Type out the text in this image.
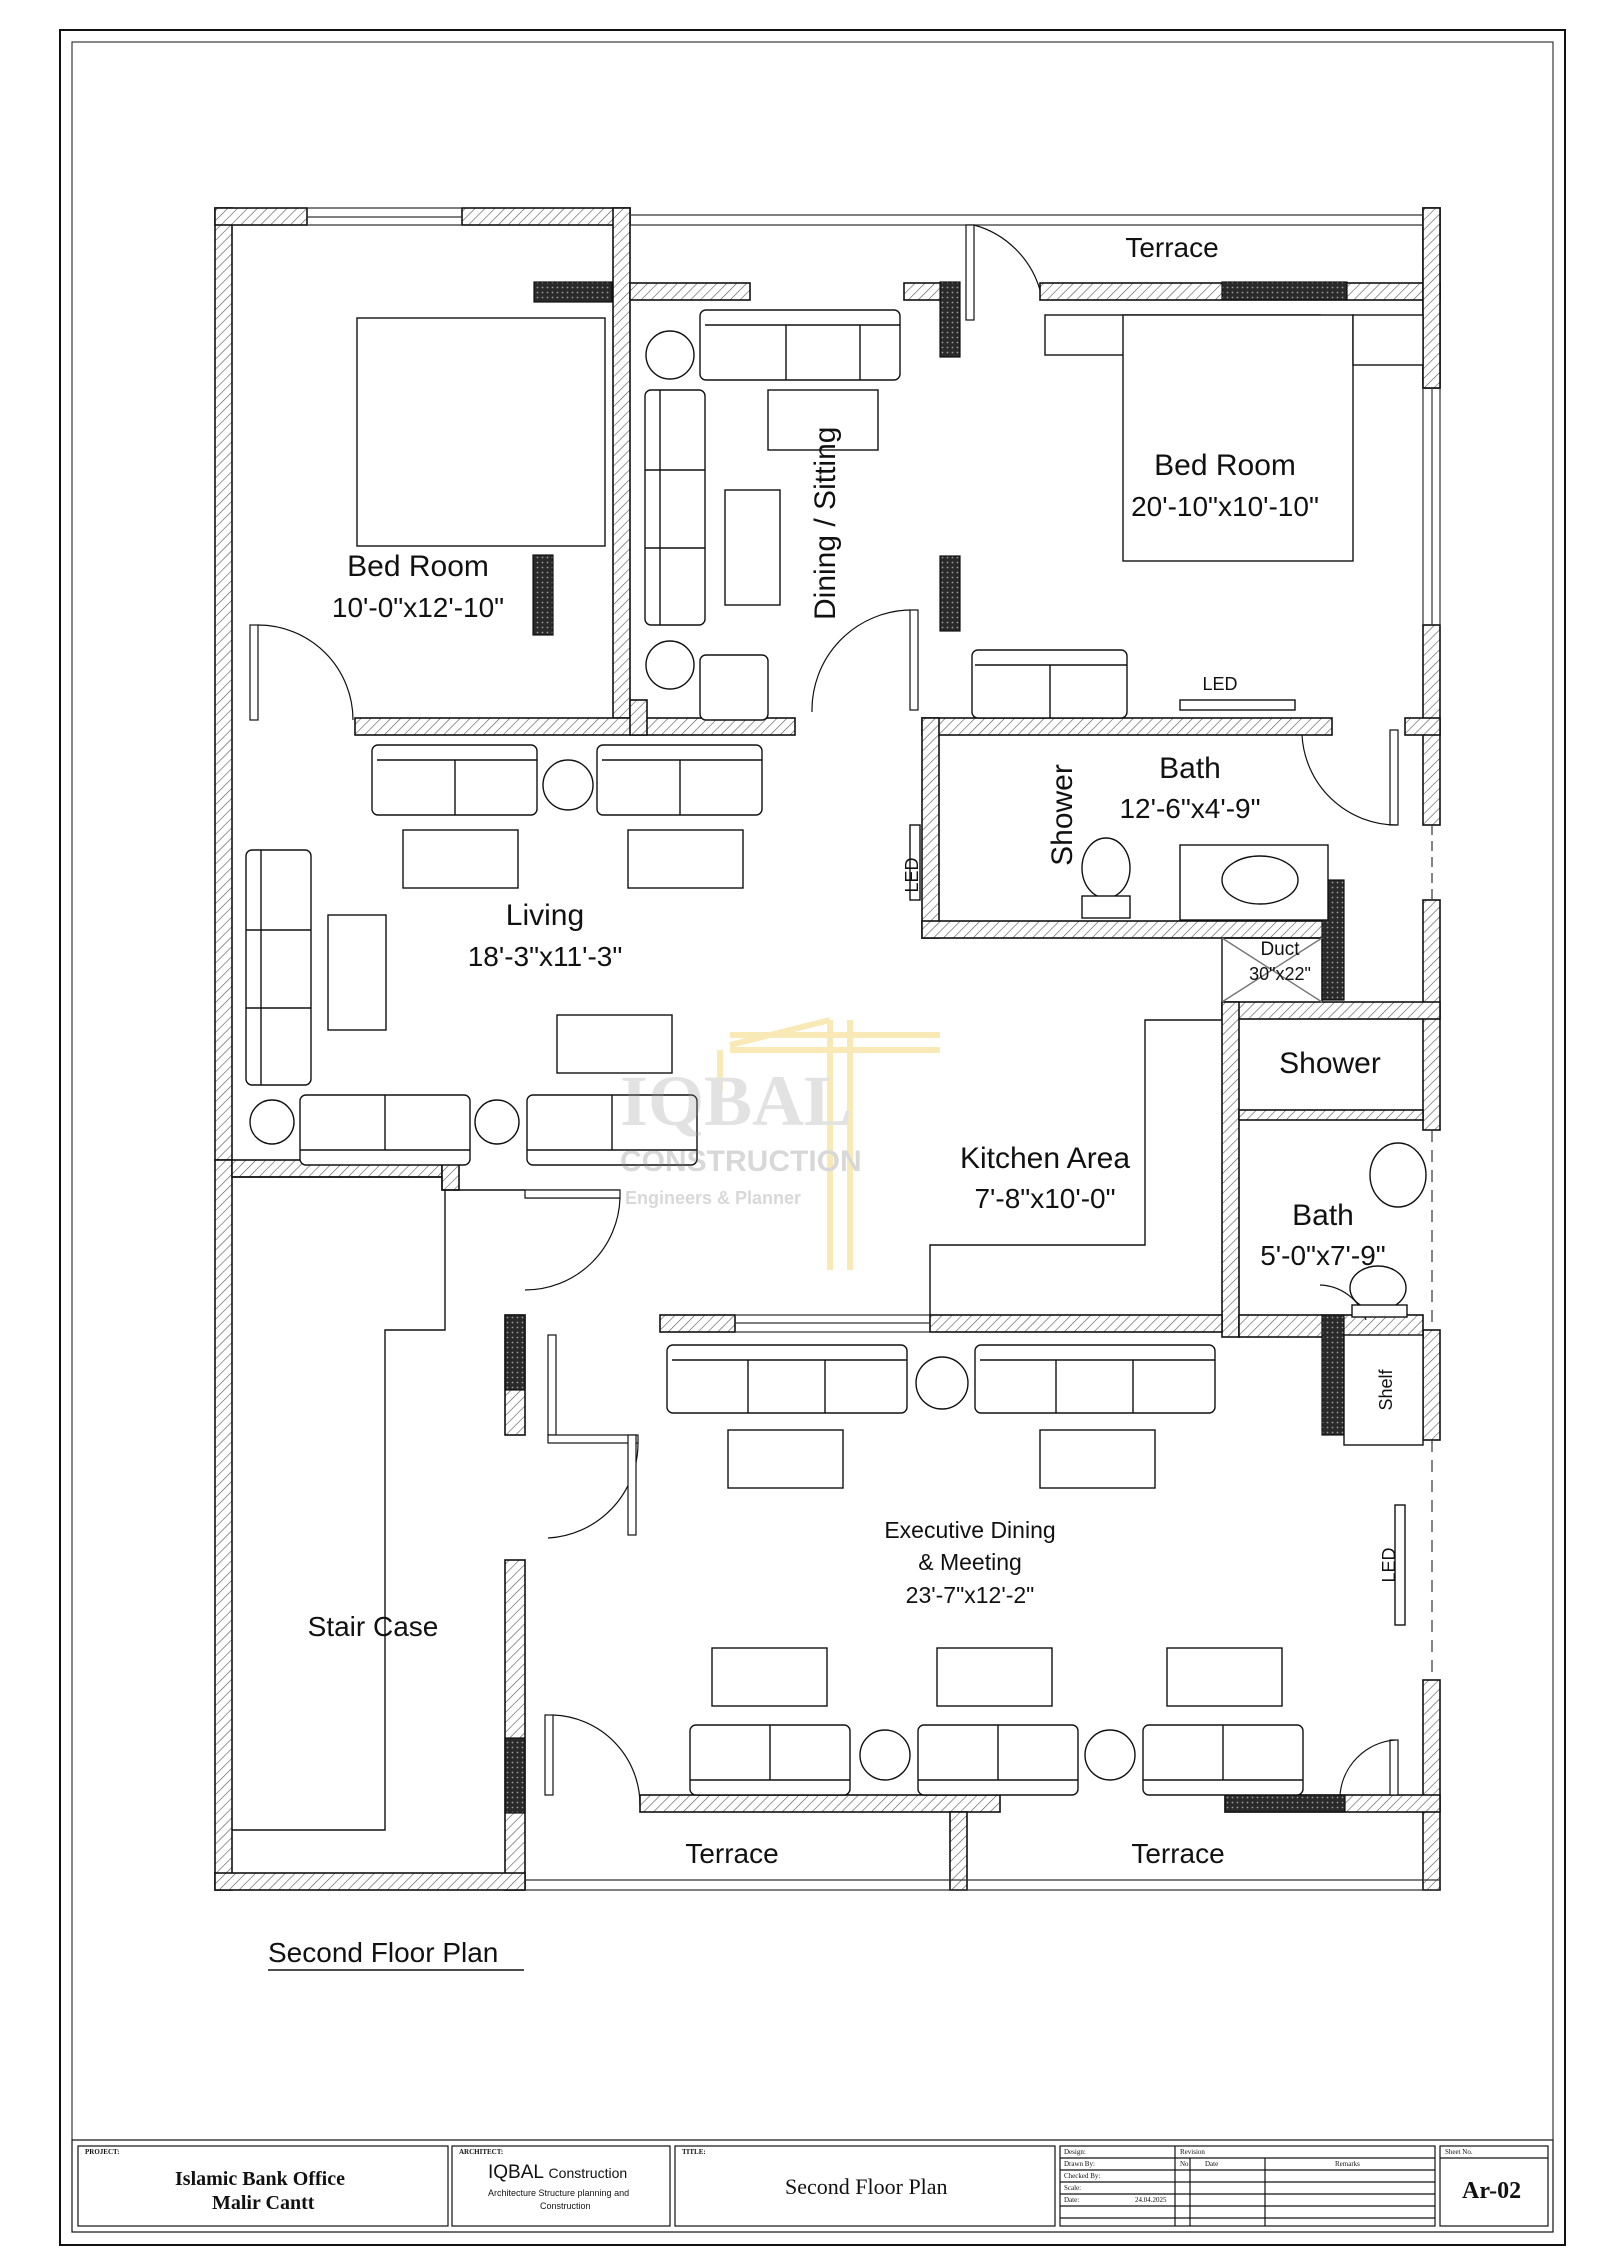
Bed Room
10'-0"x12'-10"	Dining / Sitting
Terrace
Bed Room
20'-10"x10'-10"
LED
Bath
12'-6"x4'-9"
Shower
LED
Living
18'-3"x11'-3"	Duct
30"x22"
Shower
Kitchen Area
7'-8"x10'-0"
Bath
5'-0"x7'-9"
Shelf
Executive Dining
& Meeting
23'-7"x12'-2"
LED
Stair Case
Terrace	Terrace
Second Floor Plan
IQBAL
CONSTRUCTION
Engineers & Planner
PROJECT:
Islamic Bank Office
Malir Cantt
ARCHITECT:
IQBAL Construction
Architecture Structure planning and
Construction
TITLE:
Second Floor Plan
Design:
Drawn By:
Checked By:
Scale:
Date:	24.04.2025
Revision
No Date	Remarks
Sheet No.
Ar-02
